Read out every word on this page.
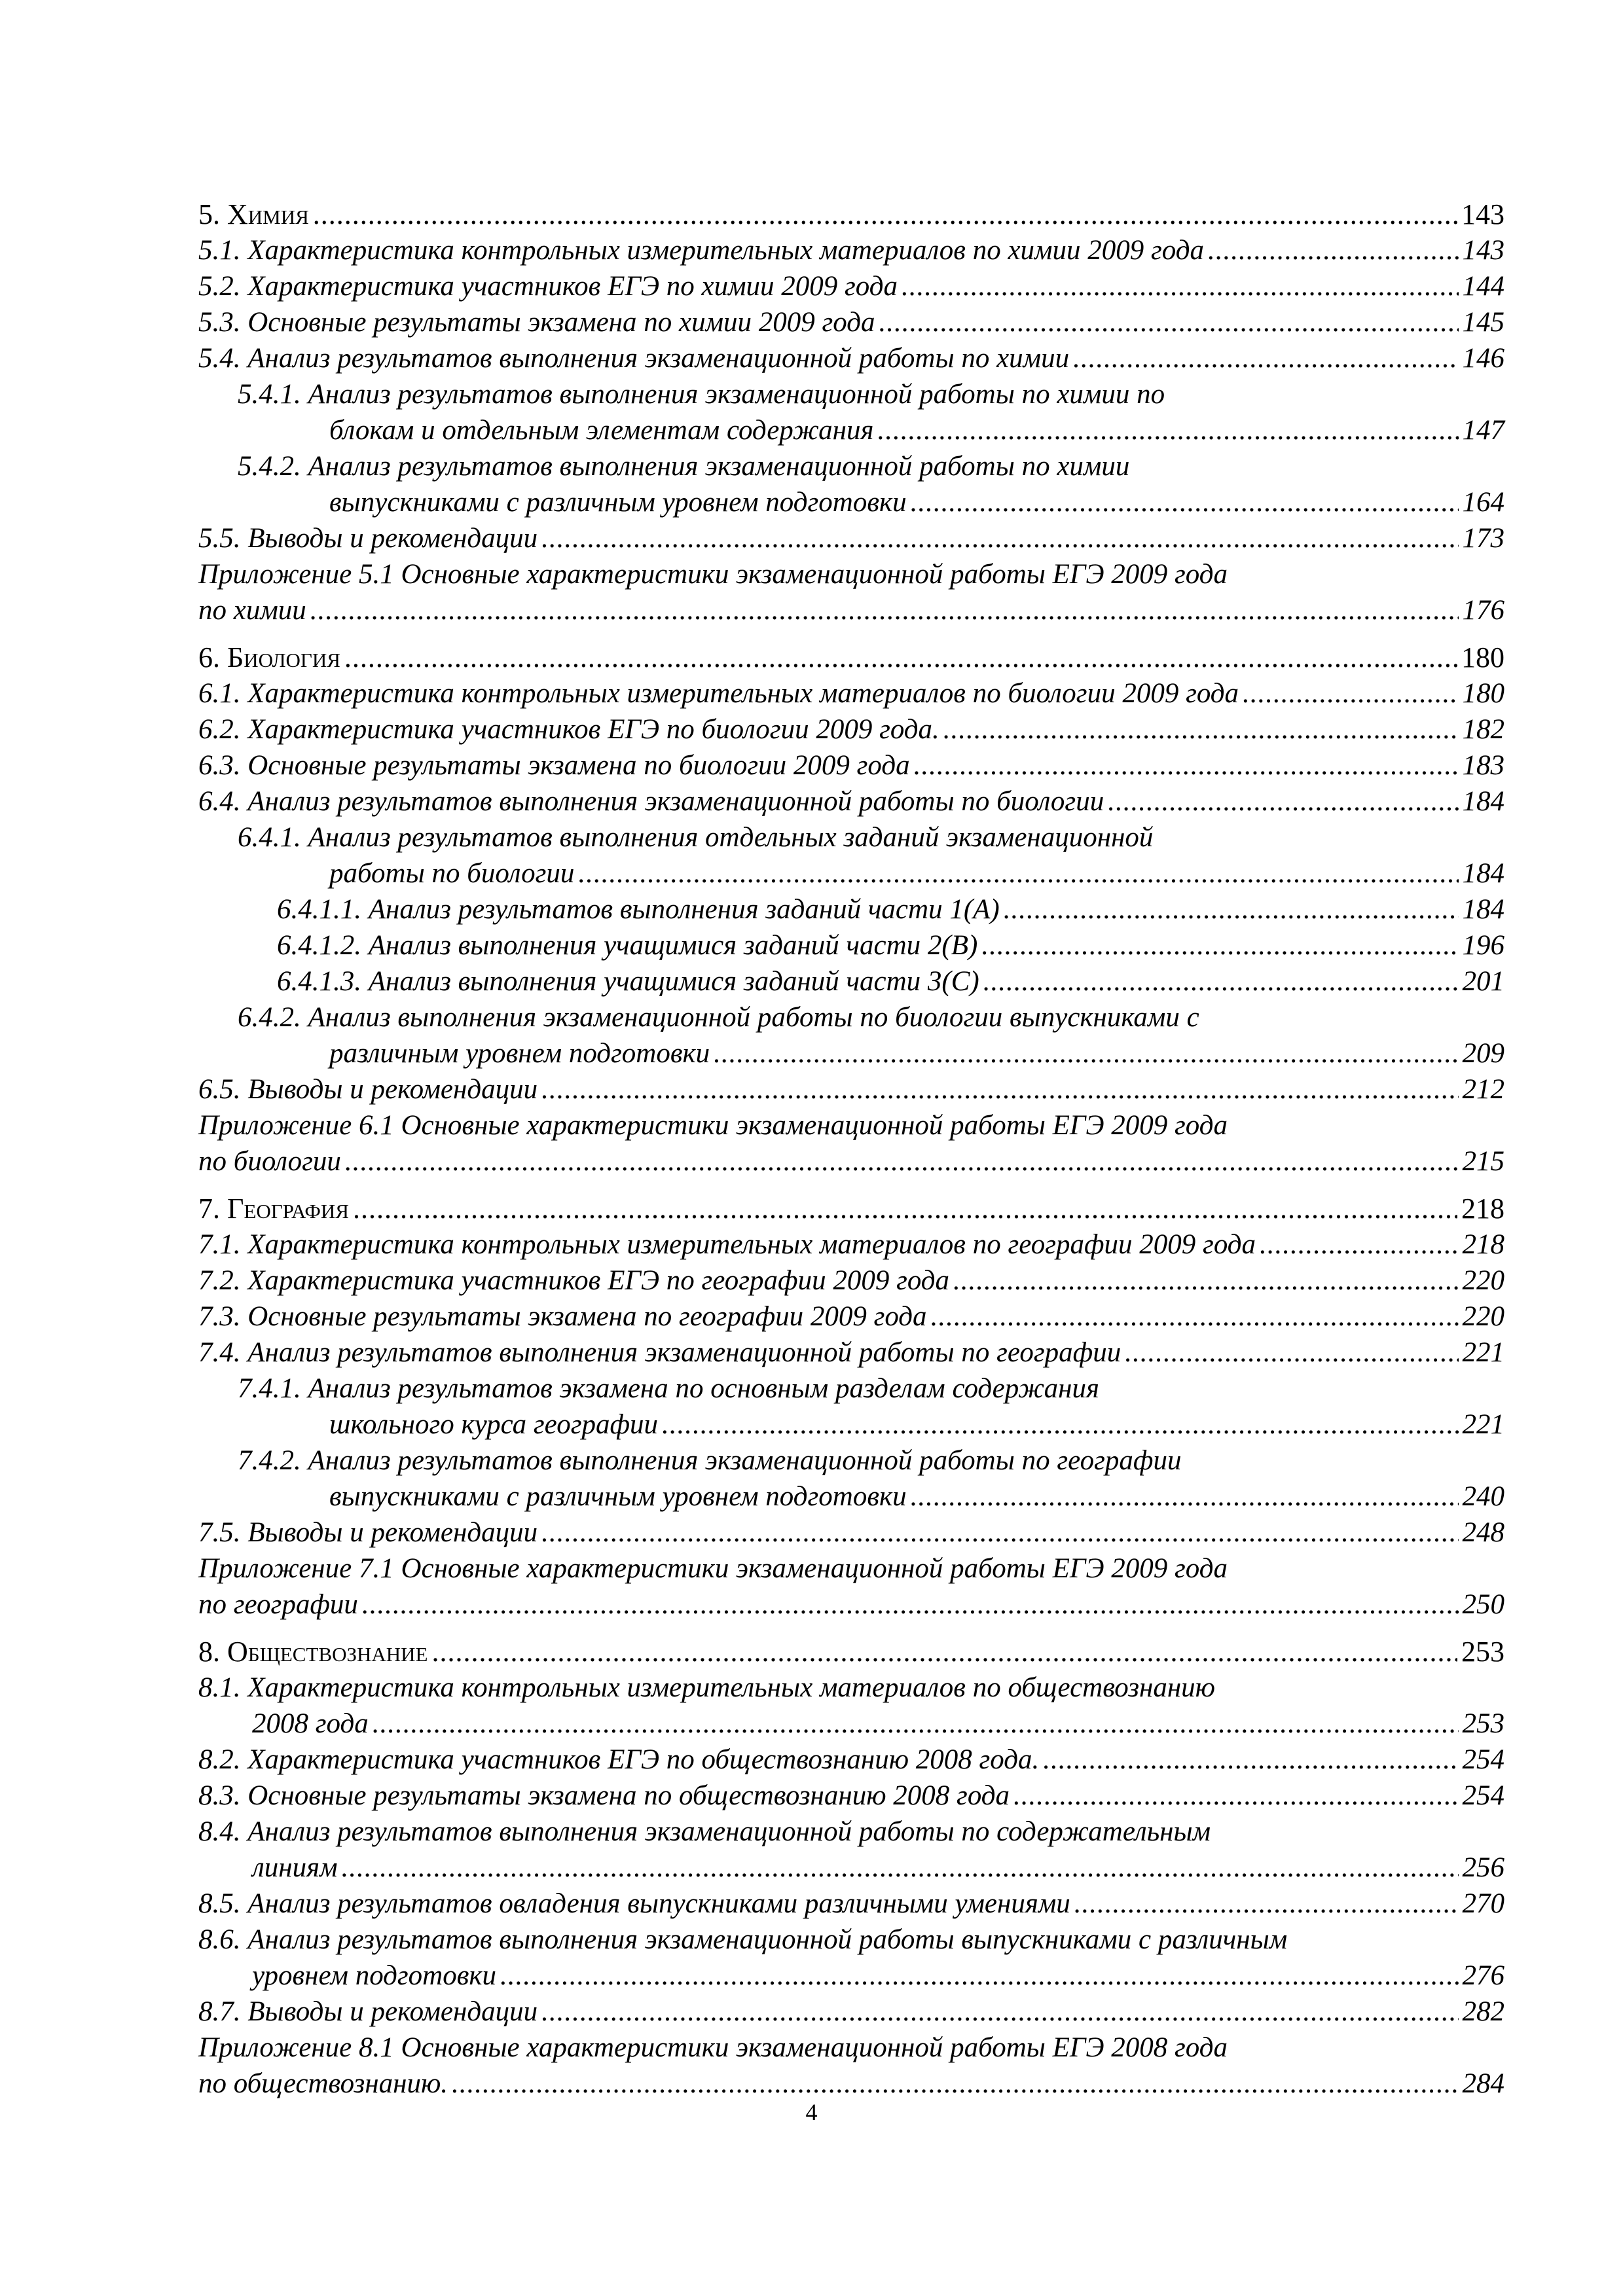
5. Химия .....	143
5.1. Характеристика контрольных измерительных материалов по химии 2009 года .....	143
5.2. Характеристика участников ЕГЭ по химии 2009 года .....	144
5.3. Основные результаты экзамена по химии 2009 года .....	145
5.4. Анализ результатов выполнения экзаменационной работы по химии .....	146
5.4.1. Анализ результатов выполнения экзаменационной работы по химии по
блокам и отдельным элементам содержания .....	147
5.4.2. Анализ результатов выполнения экзаменационной работы по химии
выпускниками с различным уровнем подготовки .....	164
5.5. Выводы и рекомендации .....	173
Приложение 5.1 Основные характеристики экзаменационной работы ЕГЭ 2009 года
по химии .....	176
6. Биология .....	180
6.1. Характеристика контрольных измерительных материалов по биологии 2009 года .....	180
6.2. Характеристика участников ЕГЭ по биологии 2009 года. .....	182
6.3. Основные результаты экзамена по биологии 2009 года .....	183
6.4. Анализ результатов выполнения экзаменационной работы по биологии .....	184
6.4.1. Анализ результатов выполнения отдельных заданий экзаменационной
работы по биологии .....	184
6.4.1.1. Анализ результатов выполнения заданий части 1(А) .....	184
6.4.1.2. Анализ выполнения учащимися заданий части 2(В) .....	196
6.4.1.3. Анализ выполнения учащимися заданий части 3(С) .....	201
6.4.2. Анализ выполнения экзаменационной работы по биологии выпускниками с
различным уровнем подготовки .....	209
6.5. Выводы и рекомендации .....	212
Приложение 6.1 Основные характеристики экзаменационной работы ЕГЭ 2009 года
по биологии .....	215
7. География .....	218
7.1. Характеристика контрольных измерительных материалов по географии 2009 года .....	218
7.2. Характеристика участников ЕГЭ по географии 2009 года .....	220
7.3. Основные результаты экзамена по географии 2009 года .....	220
7.4. Анализ результатов выполнения экзаменационной работы по географии .....	221
7.4.1. Анализ результатов экзамена по основным разделам содержания
школьного курса географии .....	221
7.4.2. Анализ результатов выполнения экзаменационной работы по географии
выпускниками с различным уровнем подготовки .....	240
7.5. Выводы и рекомендации .....	248
Приложение 7.1 Основные характеристики экзаменационной работы ЕГЭ 2009 года
по географии .....	250
8. Обществознание .....	253
8.1. Характеристика контрольных измерительных материалов по обществознанию
2008 года .....	253
8.2. Характеристика участников ЕГЭ по обществознанию 2008 года. .....	254
8.3. Основные результаты экзамена по обществознанию 2008 года .....	254
8.4. Анализ результатов выполнения экзаменационной работы по содержательным
линиям .....	256
8.5. Анализ результатов овладения выпускниками различными умениями .....	270
8.6. Анализ результатов выполнения экзаменационной работы выпускниками с различным
уровнем подготовки .....	276
8.7. Выводы и рекомендации .....	282
Приложение 8.1 Основные характеристики экзаменационной работы ЕГЭ 2008 года
по обществознанию. .....	284
4
